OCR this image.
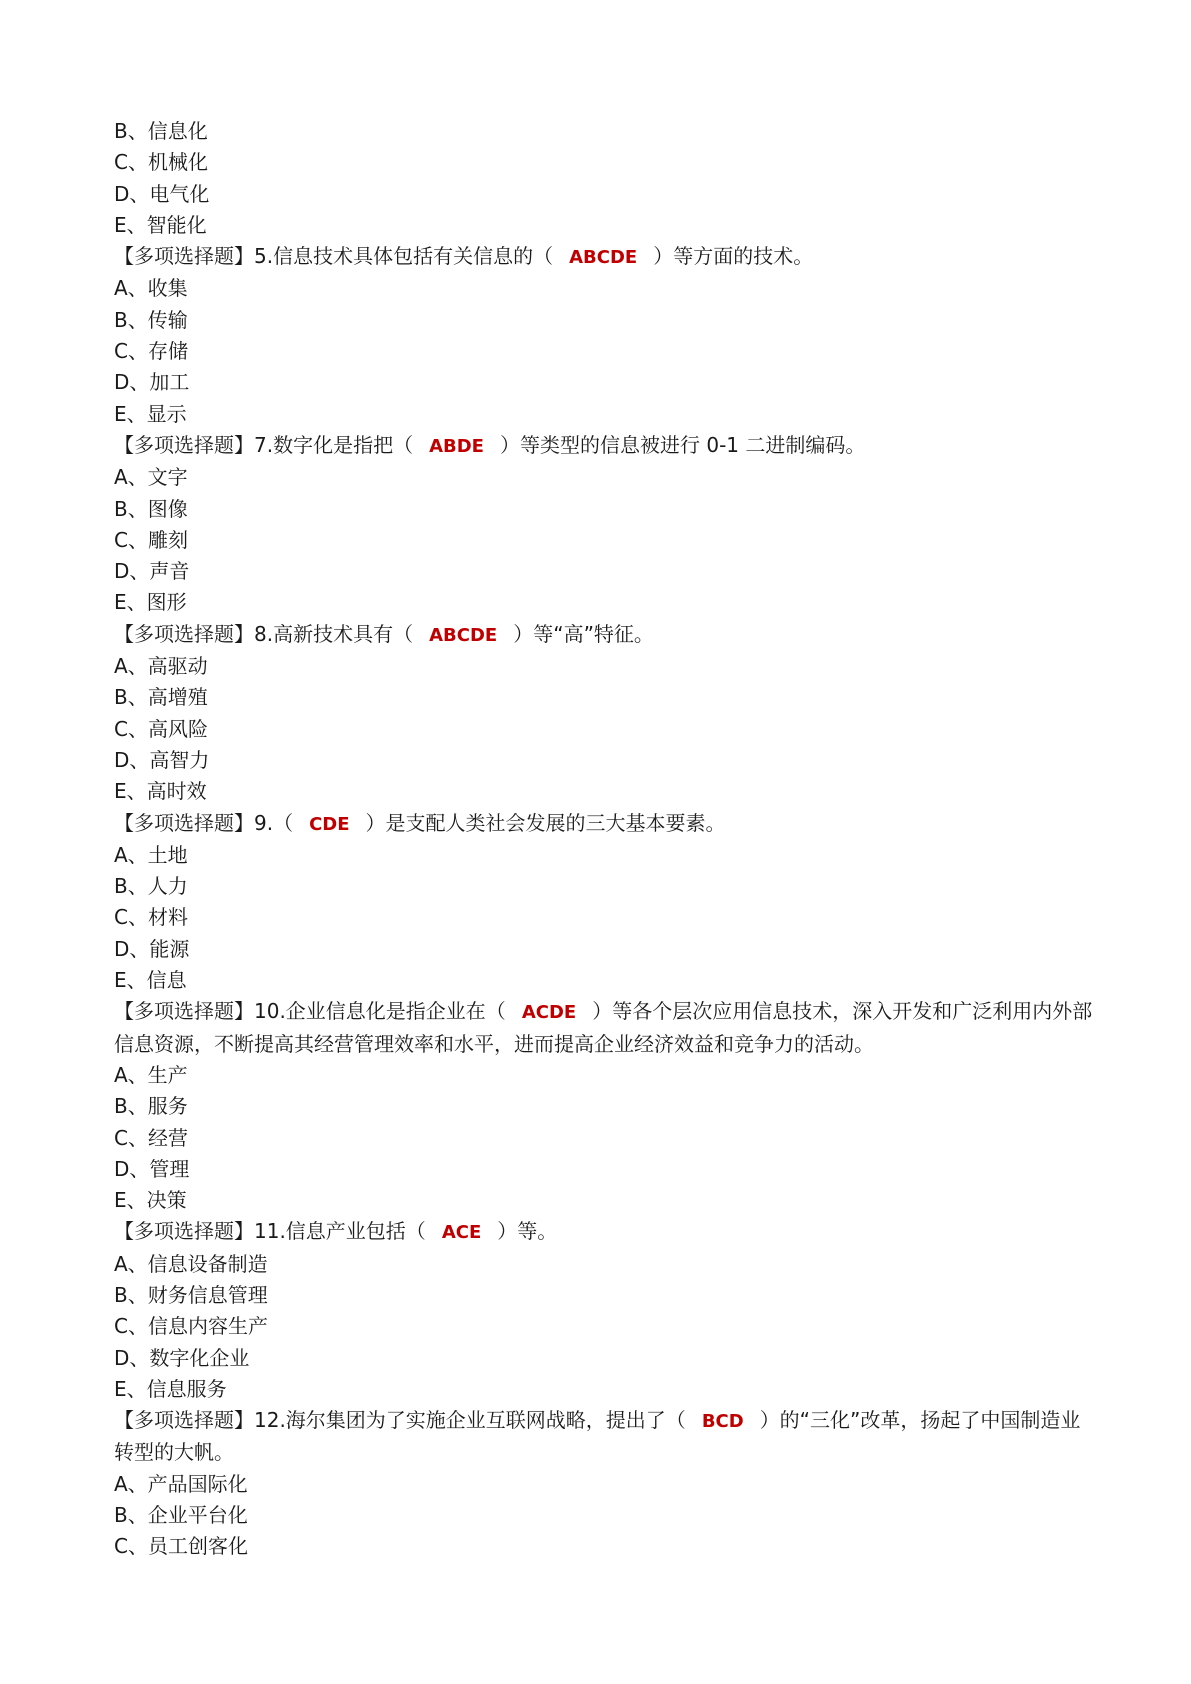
B、信息化

C、机械化

D、电气化

E、智能化

【多项选择题】5.信息技术具体包括有关信息的（ ABCDE ）等方面的技术。

A、收集

B、传输

C、存储

D、加工

E、显示

【多项选择题】7.数字化是指把（ ABDE ）等类型的信息被进行 0-1 二进制编码。

A、文字

B、图像

C、雕刻

D、声音

E、图形

【多项选择题】8.高新技术具有（ ABCDE ）等“高”特征。

A、高驱动

B、高增殖

C、高风险

D、高智力

E、高时效

【多项选择题】9.（ CDE ）是支配人类社会发展的三大基本要素。

A、土地

B、人力

C、材料

D、能源

E、信息

【多项选择题】10.企业信息化是指企业在（ ACDE ）等各个层次应用信息技术，深入开发和广泛利用内外部信息资源，不断提高其经营管理效率和水平，进而提高企业经济效益和竞争力的活动。

A、生产

B、服务

C、经营

D、管理

E、决策

【多项选择题】11.信息产业包括（ ACE ）等。

A、信息设备制造

B、财务信息管理

C、信息内容生产

D、数字化企业

E、信息服务

【多项选择题】12.海尔集团为了实施企业互联网战略，提出了（ BCD ）的“三化”改革，扬起了中国制造业转型的大帆。

A、产品国际化

B、企业平台化

C、员工创客化
